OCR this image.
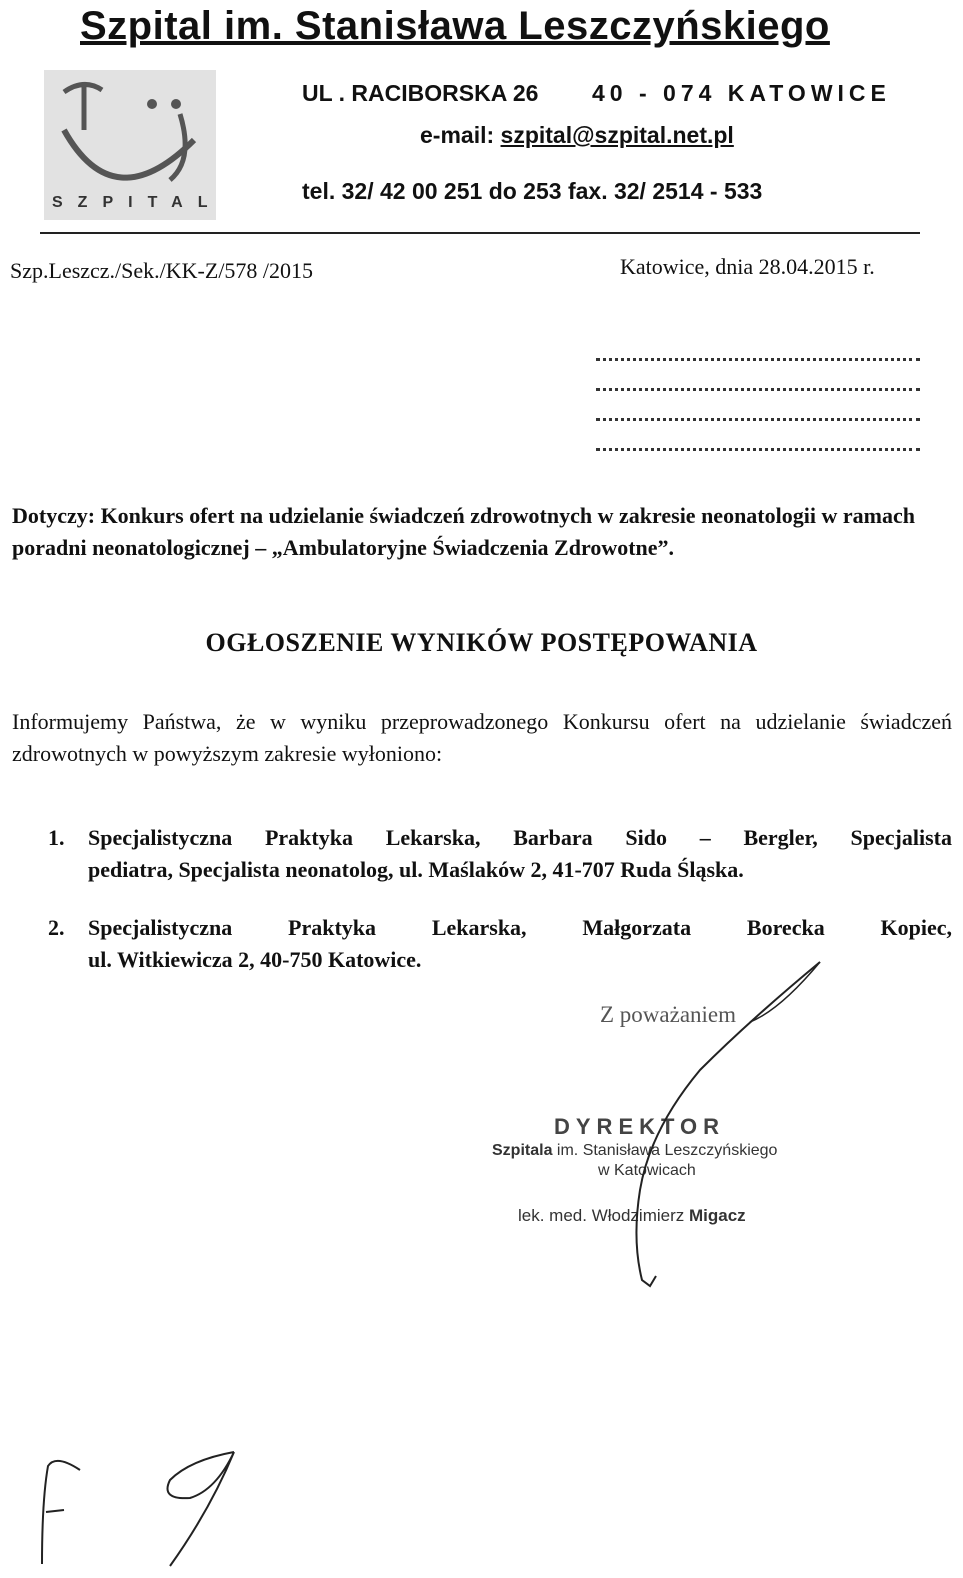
Szpital im. Stanisława Leszczyńskiego
SZPITAL
UL . RACIBORSKA 26 40 - 074 KATOWICE
e-mail: szpital@szpital.net.pl
tel. 32/ 42 00 251 do 253 fax. 32/ 2514 - 533
Szp.Leszcz./Sek./KK-Z/578 /2015	Katowice, dnia 28.04.2015 r.
Dotyczy: Konkurs ofert na udzielanie świadczeń zdrowotnych w zakresie neonatologii w ramach poradni neonatologicznej – „Ambulatoryjne Świadczenia Zdrowotne”.
OGŁOSZENIE WYNIKÓW POSTĘPOWANIA
Informujemy Państwa, że w wyniku przeprowadzonego Konkursu ofert na udzielanie świadczeń zdrowotnych w powyższym zakresie wyłoniono:
1. Specjalistyczna Praktyka Lekarska, Barbara Sido – Bergler, Specjalista
pediatra, Specjalista neonatolog, ul. Maślaków 2, 41-707 Ruda Śląska.
2. Specjalistyczna Praktyka Lekarska, Małgorzata Borecka Kopiec,
ul. Witkiewicza 2, 40-750 Katowice.
Z poważaniem
DYREKTOR
Szpitala im. Stanisława Leszczyńskiego
w Katowicach
lek. med. Włodzimierz Migacz
